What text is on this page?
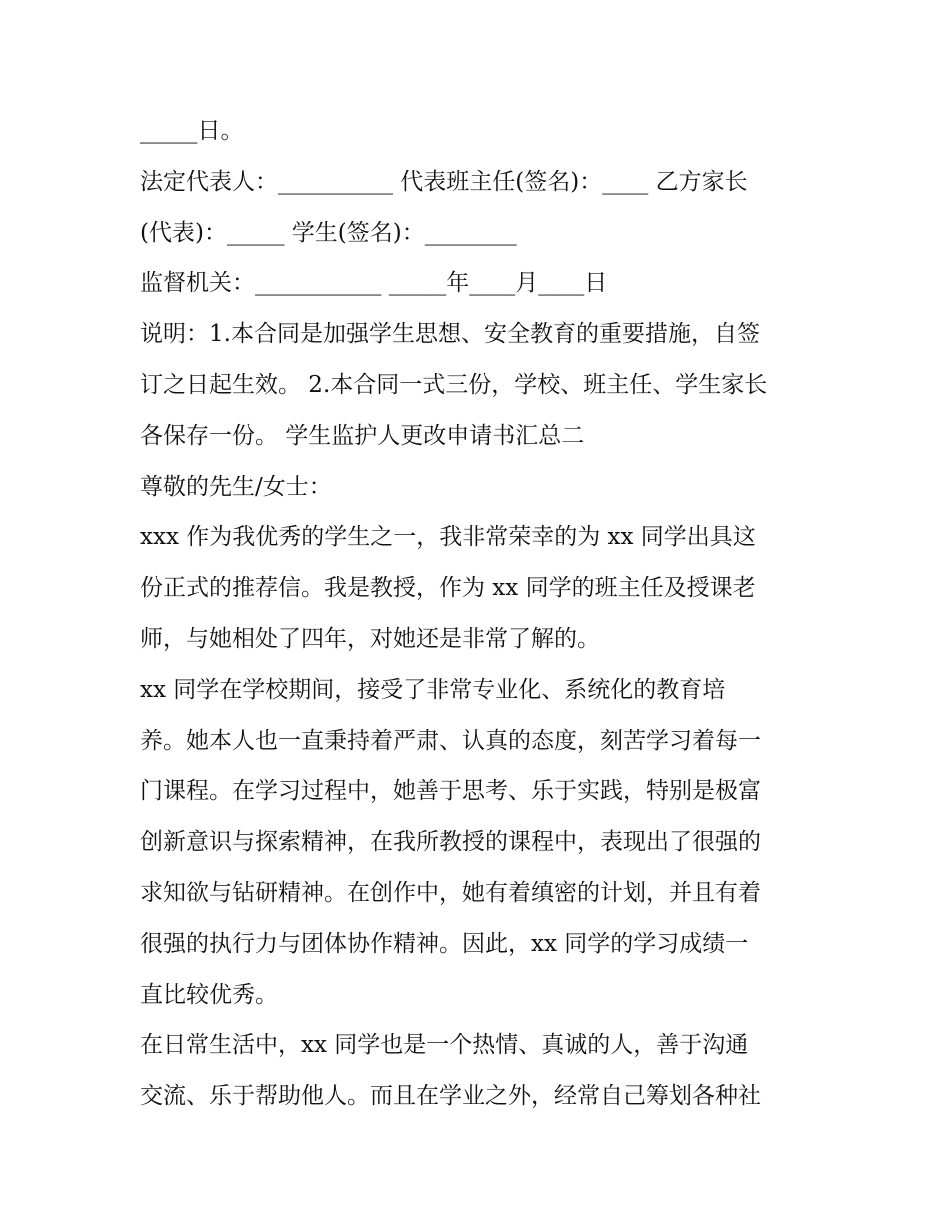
_____日。
法定代表人：__________ 代表班主任(签名)：____ 乙方家长
(代表)：_____ 学生(签名)：________
监督机关：___________ _____年____月____日
说明：1.本合同是加强学生思想、安全教育的重要措施，自签
订之日起生效。 2.本合同一式三份，学校、班主任、学生家长
各保存一份。 学生监护人更改申请书汇总二
尊敬的先生/女士：
xxx 作为我优秀的学生之一，我非常荣幸的为 xx 同学出具这
份正式的推荐信。我是教授，作为 xx 同学的班主任及授课老
师，与她相处了四年，对她还是非常了解的。
xx 同学在学校期间，接受了非常专业化、系统化的教育培
养。她本人也一直秉持着严肃、认真的态度，刻苦学习着每一
门课程。在学习过程中，她善于思考、乐于实践，特别是极富
创新意识与探索精神，在我所教授的课程中，表现出了很强的
求知欲与钻研精神。在创作中，她有着缜密的计划，并且有着
很强的执行力与团体协作精神。因此，xx 同学的学习成绩一
直比较优秀。
在日常生活中，xx 同学也是一个热情、真诚的人，善于沟通
交流、乐于帮助他人。而且在学业之外，经常自己筹划各种社
